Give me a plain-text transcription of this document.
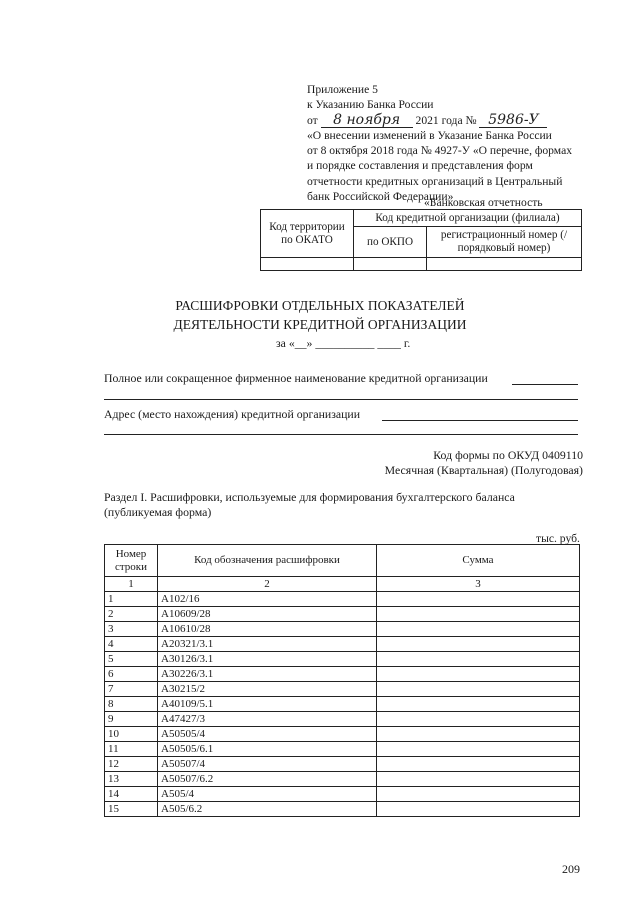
Приложение 5
к Указанию Банка России
от 8 ноября 2021 года № 5986-У
«О внесении изменений в Указание Банка России
от 8 октября 2018 года № 4927-У «О перечне, формах
и порядке составления и представления форм
отчетности кредитных организаций в Центральный
банк Российской Федерации»
«Банковская отчетность
Код территории по ОКАТО	Код кредитной организации (филиала)	
	по ОКПО	регистрационный номер (/порядковый номер)

РАСШИФРОВКИ ОТДЕЛЬНЫХ ПОКАЗАТЕЛЕЙ
ДЕЯТЕЛЬНОСТИ КРЕДИТНОЙ ОРГАНИЗАЦИИ
за «__» __________ ____ г.
Полное или сокращенное фирменное наименование кредитной организации
Адрес (место нахождения) кредитной организации
Код формы по ОКУД 0409110
Месячная (Квартальная) (Полугодовая)
Раздел I. Расшифровки, используемые для формирования бухгалтерского баланса (публикуемая форма)
тыс. руб.
Номер строки	Код обозначения расшифровки	Сумма
1	2	3
1	А102/16	
2	А10609/28	
3	А10610/28	
4	А20321/3.1	
5	А30126/3.1	
6	А30226/3.1	
7	А30215/2	
8	А40109/5.1	
9	А47427/3	
10	А50505/4	
11	А50505/6.1	
12	А50507/4	
13	А50507/6.2	
14	А505/4	
15	А505/6.2	
209
